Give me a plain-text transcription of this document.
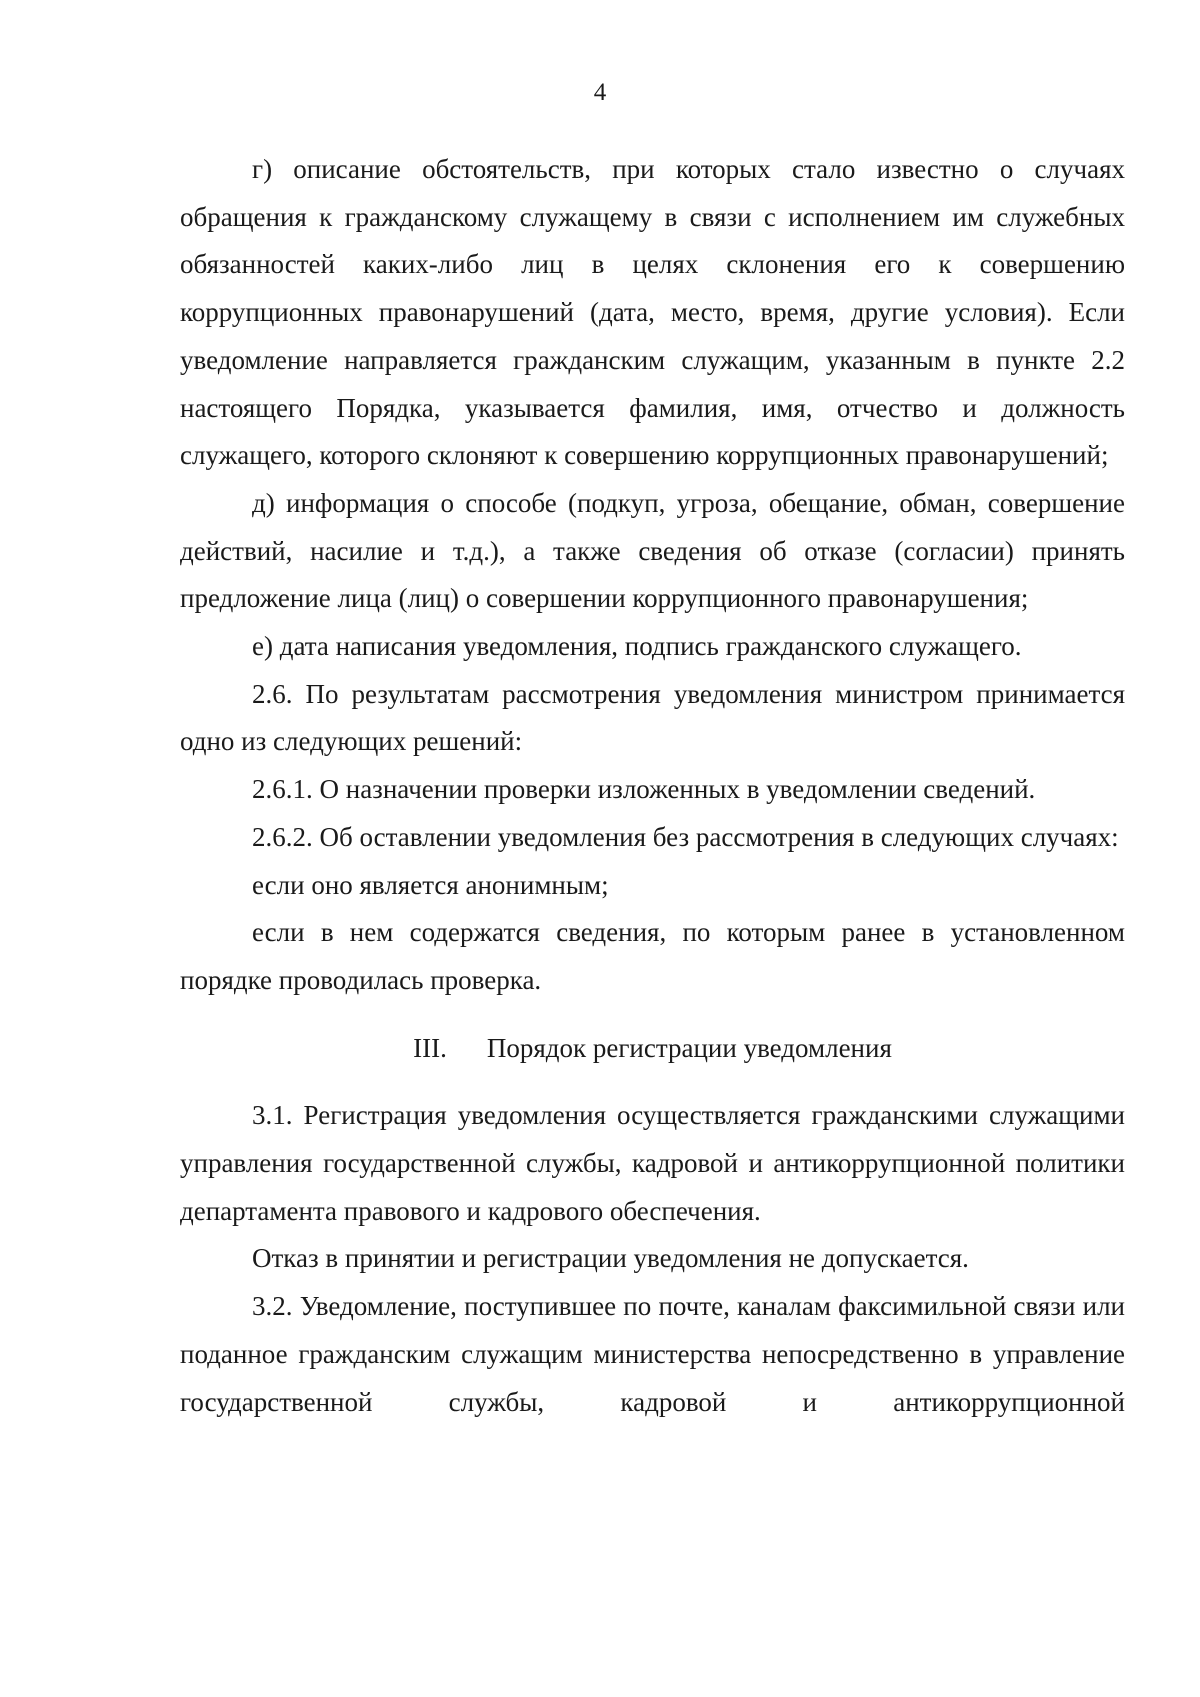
4

г) описание обстоятельств, при которых стало известно о случаях обращения к гражданскому служащему в связи с исполнением им служебных обязанностей каких-либо лиц в целях склонения его к совершению коррупционных правонарушений (дата, место, время, другие условия). Если уведомление направляется гражданским служащим, указанным в пункте 2.2 настоящего Порядка, указывается фамилия, имя, отчество и должность служащего, которого склоняют к совершению коррупционных правонарушений;

д) информация о способе (подкуп, угроза, обещание, обман, совершение действий, насилие и т.д.), а также сведения об отказе (согласии) принять предложение лица (лиц) о совершении коррупционного правонарушения;

е) дата написания уведомления, подпись гражданского служащего.

2.6. По результатам рассмотрения уведомления министром принимается одно из следующих решений:

2.6.1. О назначении проверки изложенных в уведомлении сведений.

2.6.2. Об оставлении уведомления без рассмотрения в следующих случаях:

если оно является анонимным;

если в нем содержатся сведения, по которым ранее в установленном порядке проводилась проверка.

III. Порядок регистрации уведомления

3.1. Регистрация уведомления осуществляется гражданскими служащими управления государственной службы, кадровой и антикоррупционной политики департамента правового и кадрового обеспечения.

Отказ в принятии и регистрации уведомления не допускается.

3.2. Уведомление, поступившее по почте, каналам факсимильной связи или поданное гражданским служащим министерства непосредственно в управление государственной службы, кадровой и антикоррупционной
